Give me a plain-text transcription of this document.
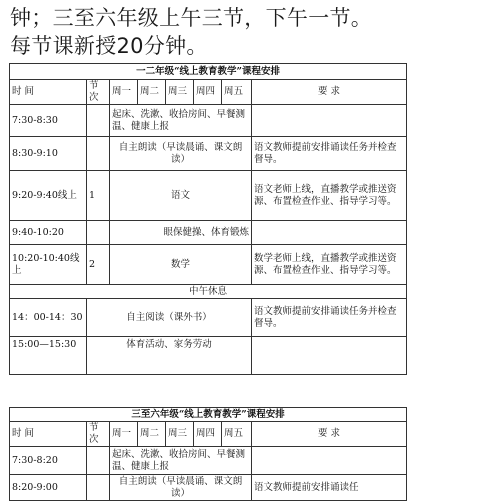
钟；三至六年级上午三节，下午一节。
每节课新授20分钟。
一二年级“线上教育教学”课程安排							
时 间	节次	周一	周二	周三	周四	周五	要 求
7:30-8:30		起床、洗漱、收拾房间、早餐测温、健康上报					
8:30-9:10		自主朗读（早读晨诵、课文朗读）					语文教师提前安排诵读任务并检查督导。
9:20-9:40线上	1	语文					语文老师上线，直播教学或推送资源、布置检查作业、指导学习等。
9:40-10:20		眼保健操、体育锻炼					
10:20-10:40线上	2	数学					数学老师上线，直播教学或推送资源、布置检查作业、指导学习等。
中午休息							
14：00-14：30	自主阅读（课外书）						语文教师提前安排诵读任务并检查督导。
15:00—15:30	体育活动、家务劳动						
三至六年级“线上教育教学”课程安排							
时 间	节次	周一	周二	周三	周四	周五	要 求
7:30-8:20		起床、洗漱、收拾房间、早餐测温、健康上报					
8:20-9:00		自主朗读（早读晨诵、课文朗读）					语文教师提前安排诵读任
